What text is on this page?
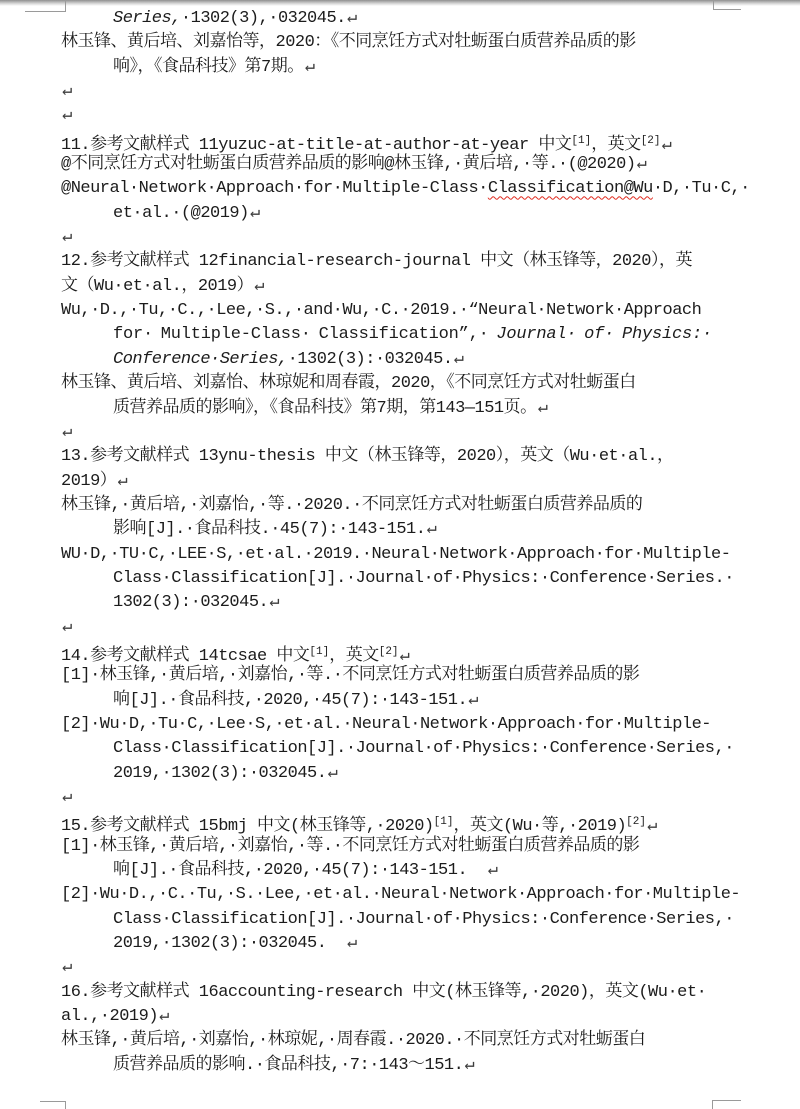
Series,·1302(3),·032045.↵
林玉锋、黄后培、刘嘉怡等，2020：《不同烹饪方式对牡蛎蛋白质营养品质的影
响》，《食品科技》第7期。↵
↵
↵
11.参考文献样式 11yuzuc-at-title-at-author-at-year 中文[1]，英文[2]↵
@不同烹饪方式对牡蛎蛋白质营养品质的影响@林玉锋,·黄后培,·等.·(@2020)↵
@Neural·Network·Approach·for·Multiple-Class·Classification@Wu·D,·Tu·C,·
et·al.·(@2019)↵
↵
12.参考文献样式 12financial-research-journal 中文（林玉锋等，2020），英
文（Wu·et·al.，2019）↵
Wu,·D.,·Tu,·C.,·Lee,·S.,·and·Wu,·C.·2019.·“Neural·Network·Approach
for· Multiple-Class· Classification”,· Journal· of· Physics:·
Conference·Series,·1302(3):·032045.↵
林玉锋、黄后培、刘嘉怡、林琼妮和周春霞，2020，《不同烹饪方式对牡蛎蛋白
质营养品质的影响》，《食品科技》第7期，第143—151页。↵
↵
13.参考文献样式 13ynu-thesis 中文（林玉锋等，2020），英文（Wu·et·al.，
2019）↵
林玉锋,·黄后培,·刘嘉怡,·等.·2020.·不同烹饪方式对牡蛎蛋白质营养品质的
影响[J].·食品科技.·45(7):·143-151.↵
WU·D,·TU·C,·LEE·S,·et·al.·2019.·Neural·Network·Approach·for·Multiple-
Class·Classification[J].·Journal·of·Physics:·Conference·Series.·
1302(3):·032045.↵
↵
14.参考文献样式 14tcsae 中文[1]，英文[2]↵
[1]·林玉锋,·黄后培,·刘嘉怡,·等.·不同烹饪方式对牡蛎蛋白质营养品质的影
响[J].·食品科技,·2020,·45(7):·143-151.↵
[2]·Wu·D,·Tu·C,·Lee·S,·et·al.·Neural·Network·Approach·for·Multiple-
Class·Classification[J].·Journal·of·Physics:·Conference·Series,·
2019,·1302(3):·032045.↵
↵
15.参考文献样式 15bmj 中文(林玉锋等,·2020)[1]，英文(Wu·等,·2019)[2]↵
[1]·林玉锋,·黄后培,·刘嘉怡,·等.·不同烹饪方式对牡蛎蛋白质营养品质的影
响[J].·食品科技,·2020,·45(7):·143-151.  ↵
[2]·Wu·D.,·C.·Tu,·S.·Lee,·et·al.·Neural·Network·Approach·for·Multiple-
Class·Classification[J].·Journal·of·Physics:·Conference·Series,·
2019,·1302(3):·032045.  ↵
↵
16.参考文献样式 16accounting-research 中文(林玉锋等,·2020)，英文(Wu·et·
al.,·2019)↵
林玉锋,·黄后培,·刘嘉怡,·林琼妮,·周春霞.·2020.·不同烹饪方式对牡蛎蛋白
质营养品质的影响.·食品科技,·7:·143～151.↵
